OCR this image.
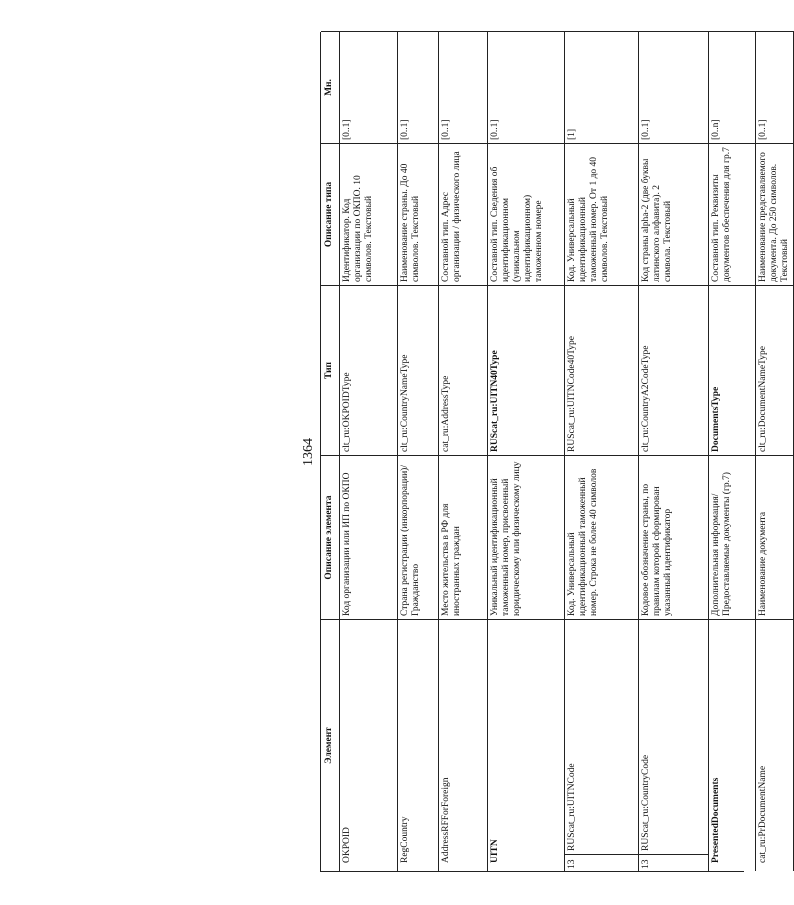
1364
Элемент
Описание элемента
Тип
Описание типа
Мн.
OKPOID
Код организации или ИП по ОКПО
clt_ru:OKPOIDType
Идентификатор. Код организации по ОКПО. 10 символов. Текстовый
[0..1]
RegCountry
Страна регистрации (инкорпорации)/Гражданство
clt_ru:CountryNameType
Наименование страны. До 40 символов. Текстовый
[0..1]
AddressRFForForeign
Место жительства в РФ для иностранных граждан
cat_ru:AddressType
Составной тип. Адрес организации / физического лица
[0..1]
UITN
Уникальный идентификационный таможенный номер, присвоенный юридическому или физическому лицу
RUScat_ru:UITN40Type
Составной тип. Сведения об идентификационном (уникальном идентификационном) таможенном номере
[0..1]
13
RUScat_ru:UITNCode
Код. Универсальный идентификационный таможенный номер. Строка не более 40 символов
RUScat_ru:UITNCode40Type
Код. Универсальный идентификационный таможенный номер. От 1 до 40 символов. Текстовый
[1]
13
RUScat_ru:CountryCode
Кодовое обозначение страны, по правилам которой сформирован указанный идентификатор
clt_ru:CountryA2CodeType
Код страны alpha-2 (две буквы латинского алфавита). 2 символа. Текстовый
[0..1]
PresentedDocuments
Дополнительная информация/Предоставляемые документы (гр.7)
DocumentsType
Составной тип. Реквизиты документов обеспечения для гр.7
[0..n]
cat_ru:PrDocumentName
Наименование документа
clt_ru:DocumentNameType
Наименование представляемого документа. До 250 символов. Текстовый
[0..1]
